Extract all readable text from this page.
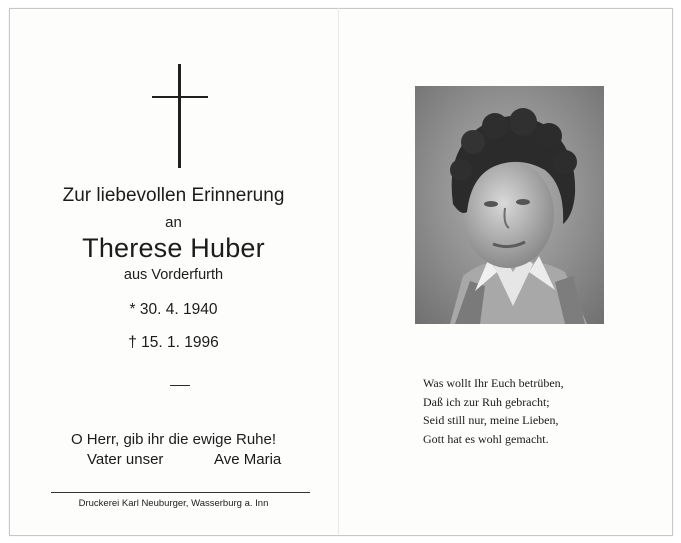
Zur liebevollen Erinnerung
an
Therese Huber
aus Vorderfurth
* 30. 4. 1940
† 15. 1. 1996
O Herr, gib ihr die ewige Ruhe!
Vater unser	Ave Maria
Druckerei Karl Neuburger, Wasserburg a. Inn
Was wollt Ihr Euch betrüben,
Daß ich zur Ruh gebracht;
Seid still nur, meine Lieben,
Gott hat es wohl gemacht.
